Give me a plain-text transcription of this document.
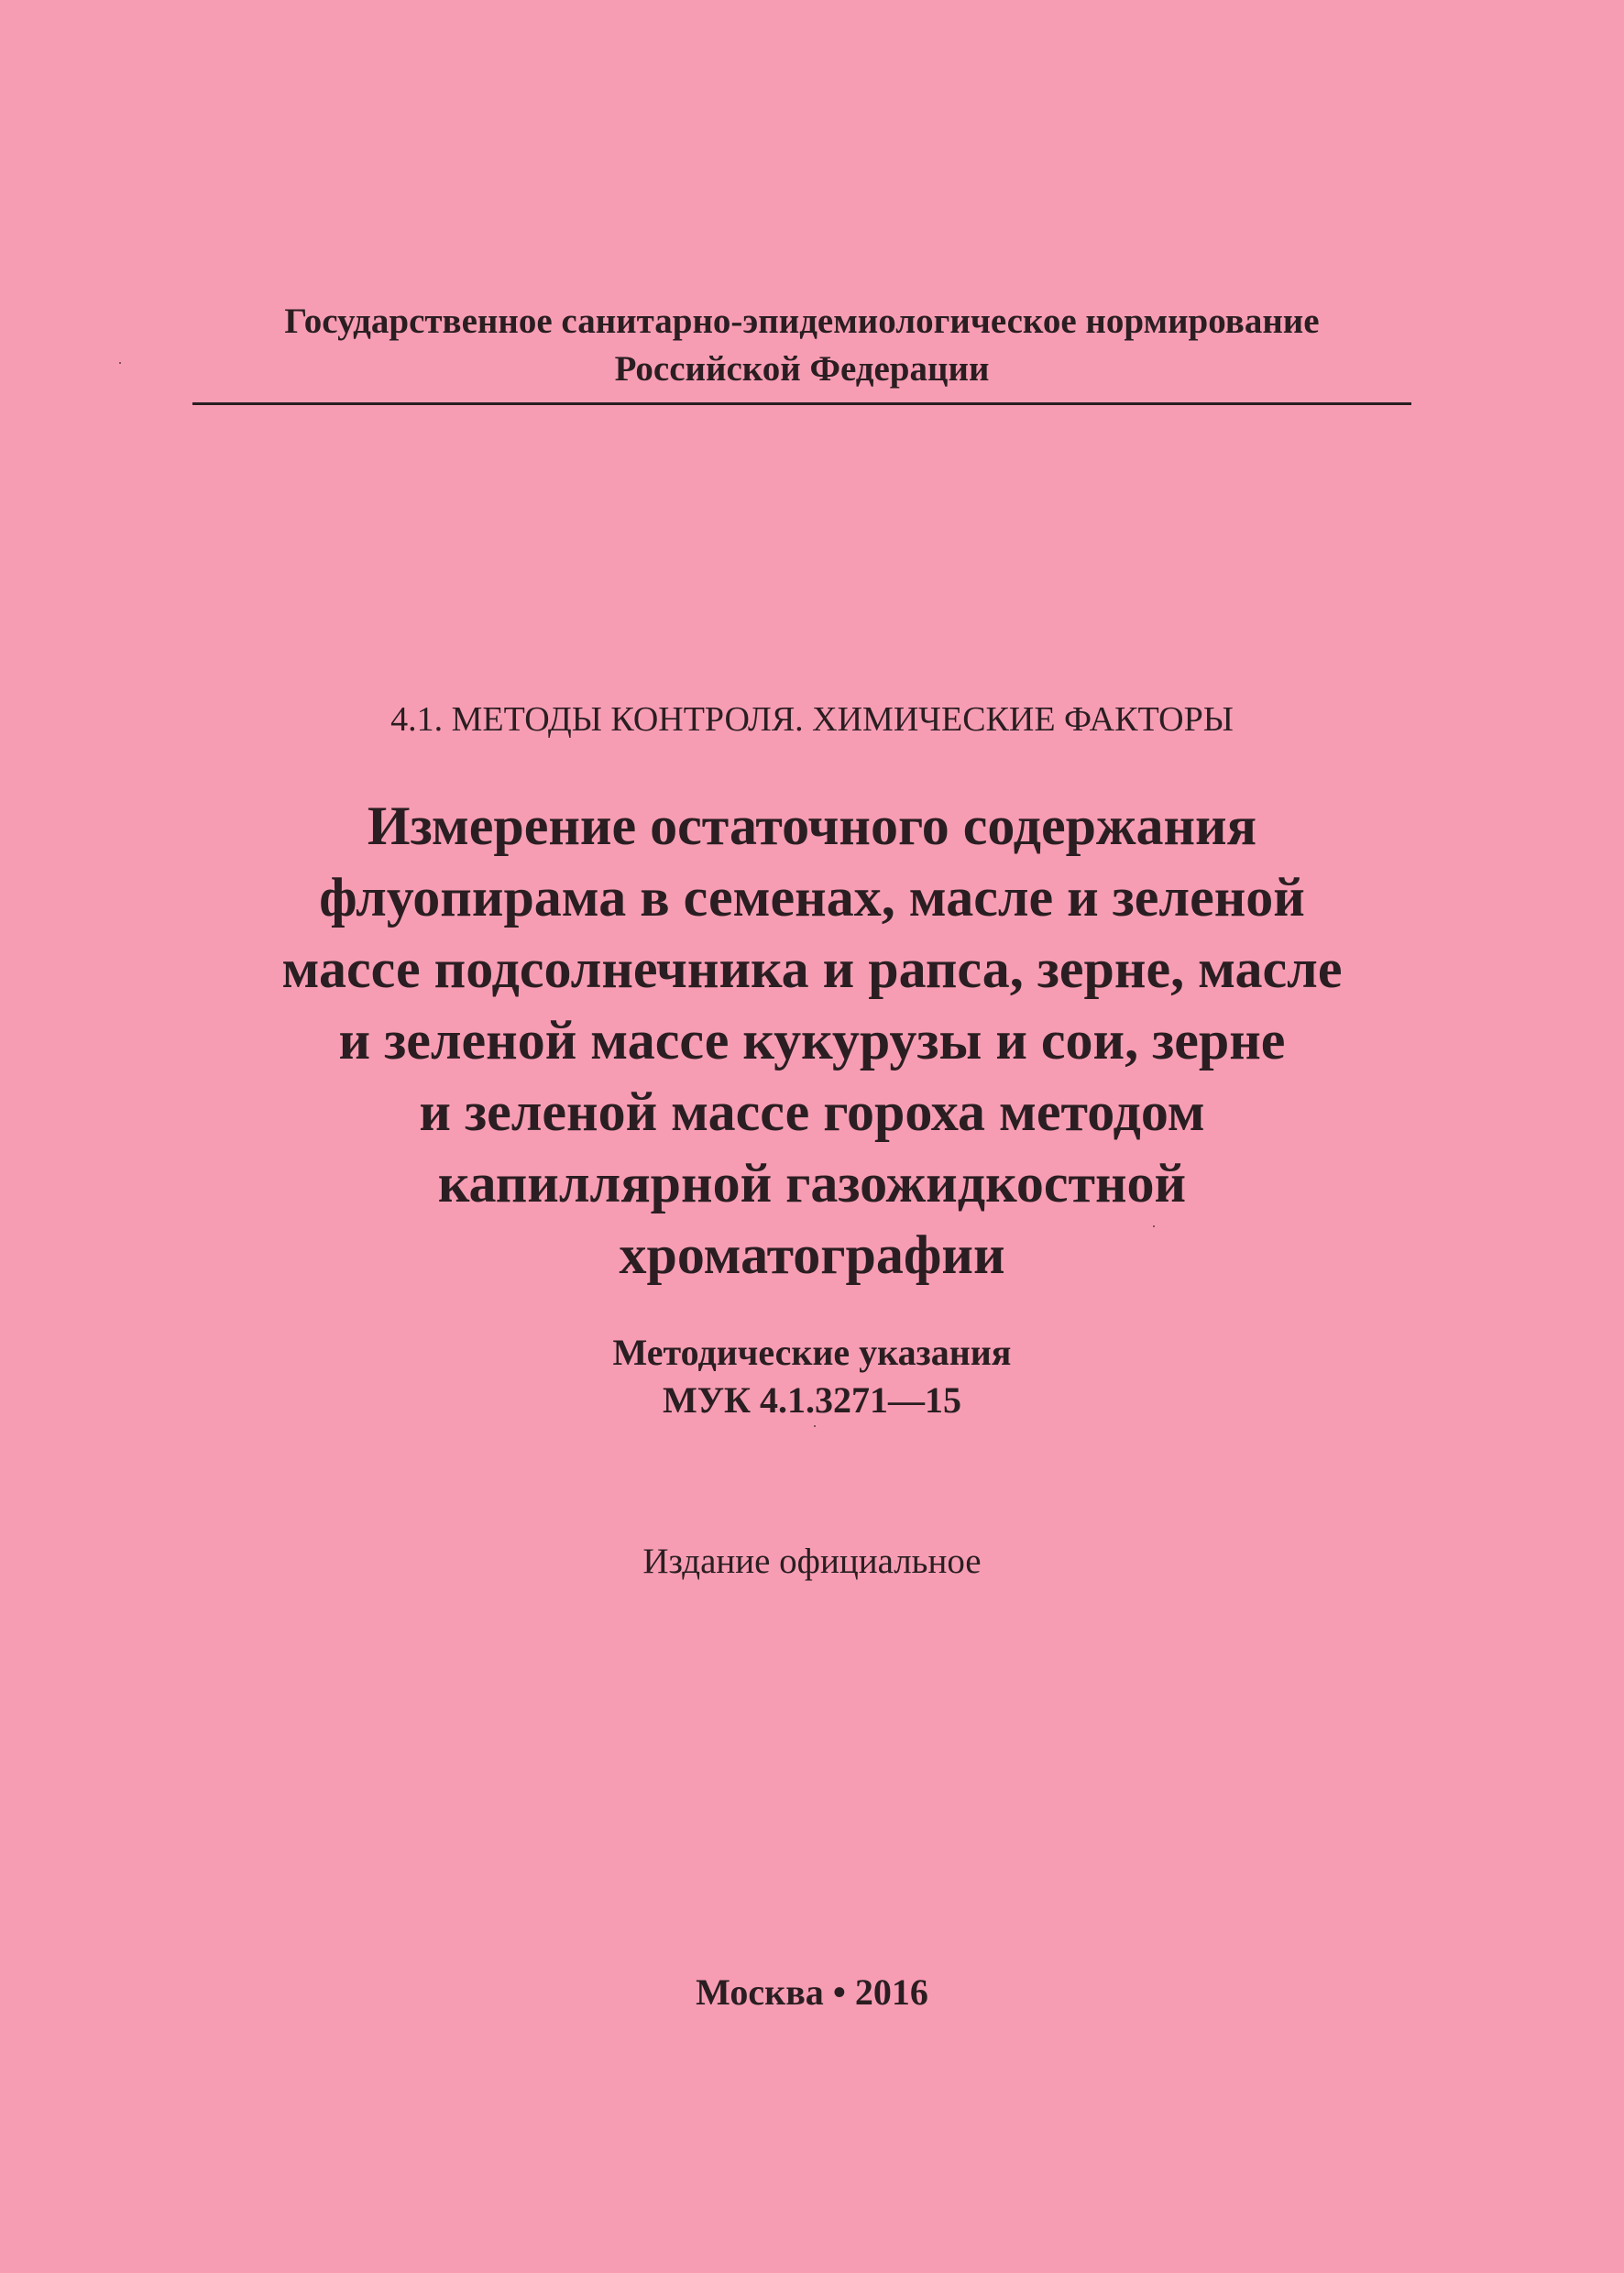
Государственное санитарно-эпидемиологическое нормирование
Российской Федерации
4.1. МЕТОДЫ КОНТРОЛЯ. ХИМИЧЕСКИЕ ФАКТОРЫ
Измерение остаточного содержания
флуопирама в семенах, масле и зеленой
массе подсолнечника и рапса, зерне, масле
и зеленой массе кукурузы и сои, зерне
и зеленой массе гороха методом
капиллярной газожидкостной
хроматографии
Методические указания
МУК 4.1.3271—15
Издание официальное
Москва • 2016
